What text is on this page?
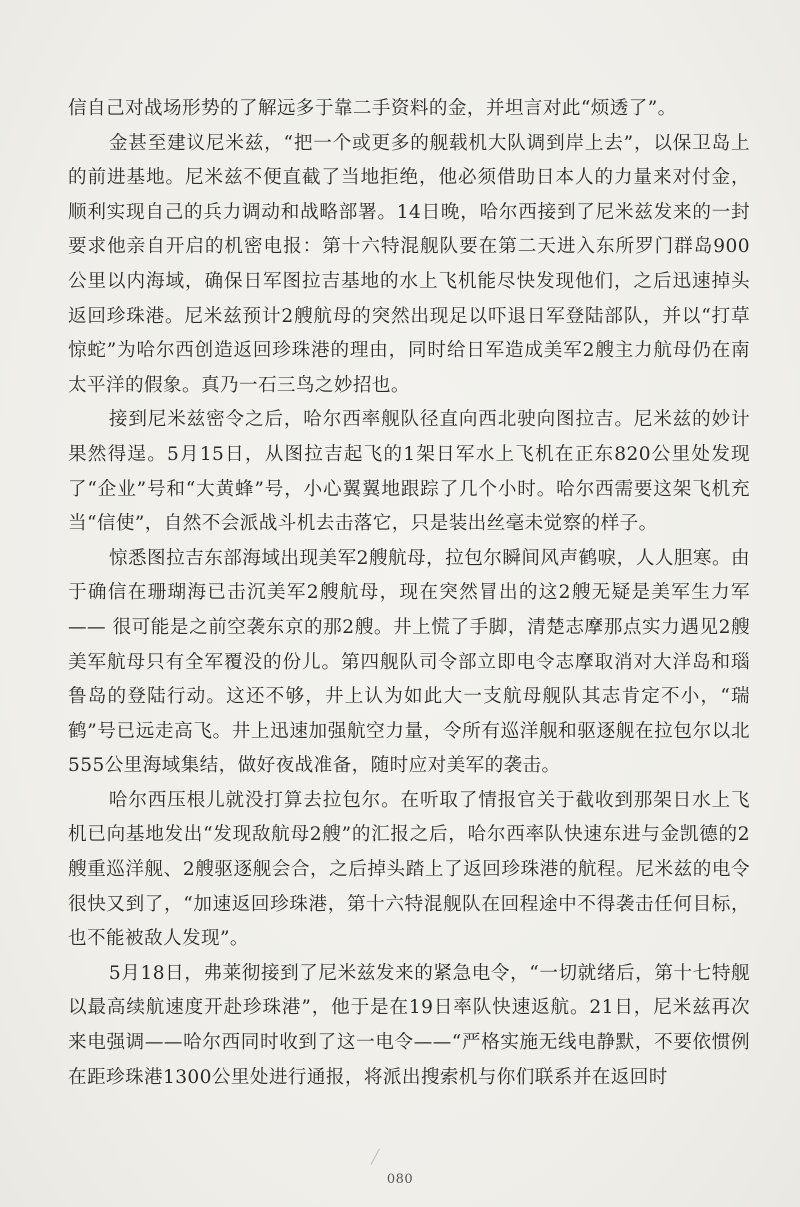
信自己对战场形势的了解远多于靠二手资料的金，并坦言对此“烦透了”。

金甚至建议尼米兹，“把一个或更多的舰载机大队调到岸上去”，以保卫岛上的前进基地。尼米兹不便直截了当地拒绝，他必须借助日本人的力量来对付金，顺利实现自己的兵力调动和战略部署。14日晚，哈尔西接到了尼米兹发来的一封要求他亲自开启的机密电报：第十六特混舰队要在第二天进入东所罗门群岛900公里以内海域，确保日军图拉吉基地的水上飞机能尽快发现他们，之后迅速掉头返回珍珠港。尼米兹预计2艘航母的突然出现足以吓退日军登陆部队，并以“打草惊蛇”为哈尔西创造返回珍珠港的理由，同时给日军造成美军2艘主力航母仍在南太平洋的假象。真乃一石三鸟之妙招也。

接到尼米兹密令之后，哈尔西率舰队径直向西北驶向图拉吉。尼米兹的妙计果然得逞。5月15日，从图拉吉起飞的1架日军水上飞机在正东820公里处发现了“企业”号和“大黄蜂”号，小心翼翼地跟踪了几个小时。哈尔西需要这架飞机充当“信使”，自然不会派战斗机去击落它，只是装出丝毫未觉察的样子。

惊悉图拉吉东部海域出现美军2艘航母，拉包尔瞬间风声鹤唳，人人胆寒。由于确信在珊瑚海已击沉美军2艘航母，现在突然冒出的这2艘无疑是美军生力军—— 很可能是之前空袭东京的那2艘。井上慌了手脚，清楚志摩那点实力遇见2艘美军航母只有全军覆没的份儿。第四舰队司令部立即电令志摩取消对大洋岛和瑙鲁岛的登陆行动。这还不够，井上认为如此大一支航母舰队其志肯定不小，“瑞鹤”号已远走高飞。井上迅速加强航空力量，令所有巡洋舰和驱逐舰在拉包尔以北555公里海域集结，做好夜战准备，随时应对美军的袭击。

哈尔西压根儿就没打算去拉包尔。在听取了情报官关于截收到那架日水上飞机已向基地发出“发现敌航母2艘”的汇报之后，哈尔西率队快速东进与金凯德的2艘重巡洋舰、2艘驱逐舰会合，之后掉头踏上了返回珍珠港的航程。尼米兹的电令很快又到了，“加速返回珍珠港，第十六特混舰队在回程途中不得袭击任何目标，也不能被敌人发现”。

5月18日，弗莱彻接到了尼米兹发来的紧急电令，“一切就绪后，第十七特舰以最高续航速度开赴珍珠港”，他于是在19日率队快速返航。21日，尼米兹再次来电强调——哈尔西同时收到了这一电令——“严格实施无线电静默，不要依惯例在距珍珠港1300公里处进行通报，将派出搜索机与你们联系并在返回时

080
